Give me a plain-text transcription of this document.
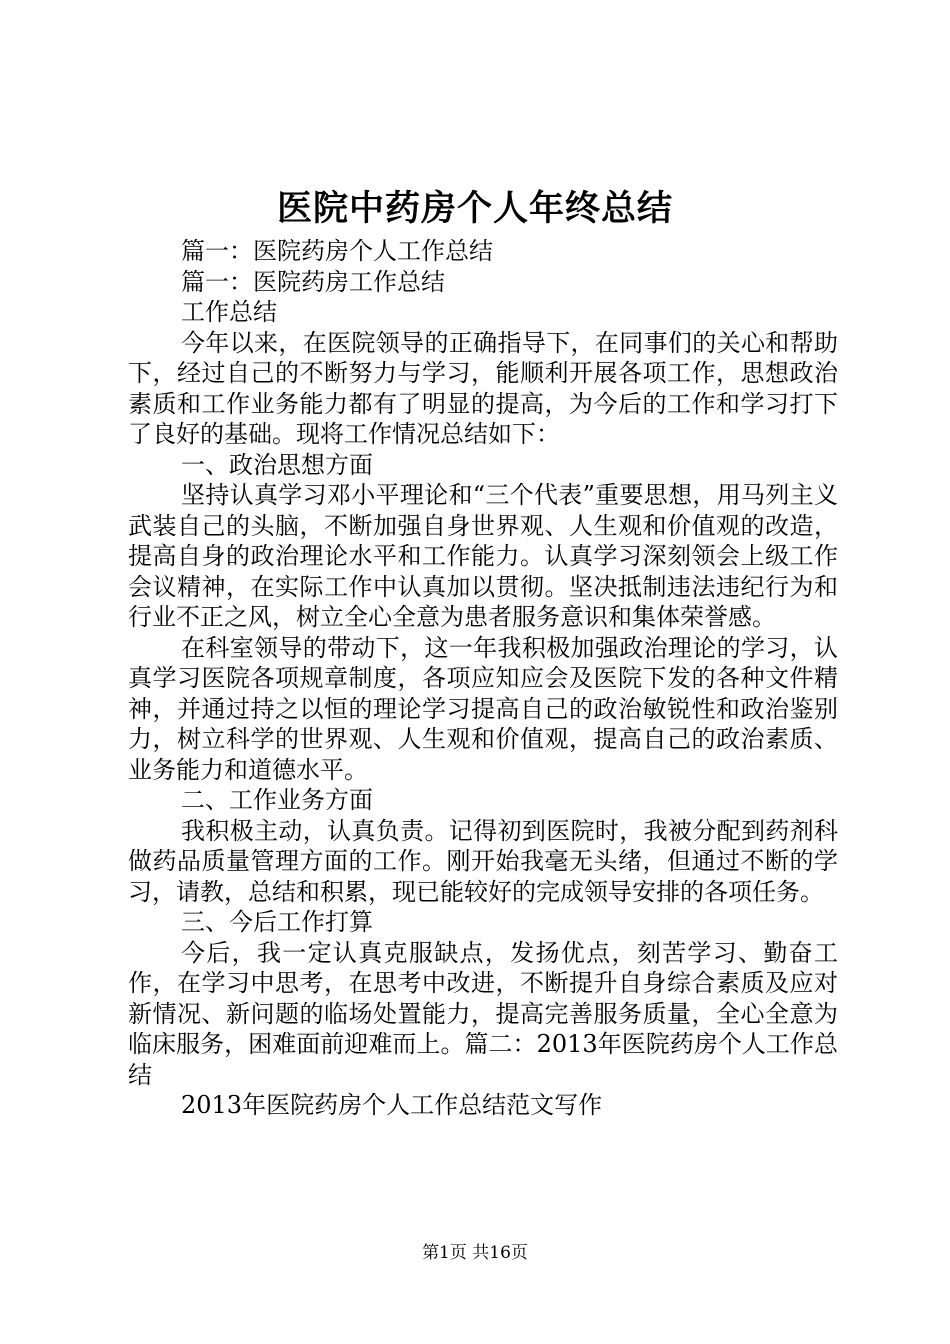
医院中药房个人年终总结

篇一：医院药房个人工作总结

篇一：医院药房工作总结

工作总结

今年以来，在医院领导的正确指导下，在同事们的关心和帮助下，经过自己的不断努力与学习，能顺利开展各项工作，思想政治素质和工作业务能力都有了明显的提高，为今后的工作和学习打下了良好的基础。现将工作情况总结如下：

一、政治思想方面

坚持认真学习邓小平理论和“三个代表”重要思想，用马列主义武装自己的头脑，不断加强自身世界观、人生观和价值观的改造，提高自身的政治理论水平和工作能力。认真学习深刻领会上级工作会议精神，在实际工作中认真加以贯彻。坚决抵制违法违纪行为和行业不正之风，树立全心全意为患者服务意识和集体荣誉感。

在科室领导的带动下，这一年我积极加强政治理论的学习，认真学习医院各项规章制度，各项应知应会及医院下发的各种文件精神，并通过持之以恒的理论学习提高自己的政治敏锐性和政治鉴别力，树立科学的世界观、人生观和价值观，提高自己的政治素质、业务能力和道德水平。

二、工作业务方面

我积极主动，认真负责。记得初到医院时，我被分配到药剂科做药品质量管理方面的工作。刚开始我毫无头绪，但通过不断的学习，请教，总结和积累，现已能较好的完成领导安排的各项任务。

三、今后工作打算

今后，我一定认真克服缺点，发扬优点，刻苦学习、勤奋工作，在学习中思考，在思考中改进，不断提升自身综合素质及应对新情况、新问题的临场处置能力，提高完善服务质量，全心全意为临床服务，困难面前迎难而上。篇二：2013年医院药房个人工作总结

2013年医院药房个人工作总结范文写作

第1页 共16页
